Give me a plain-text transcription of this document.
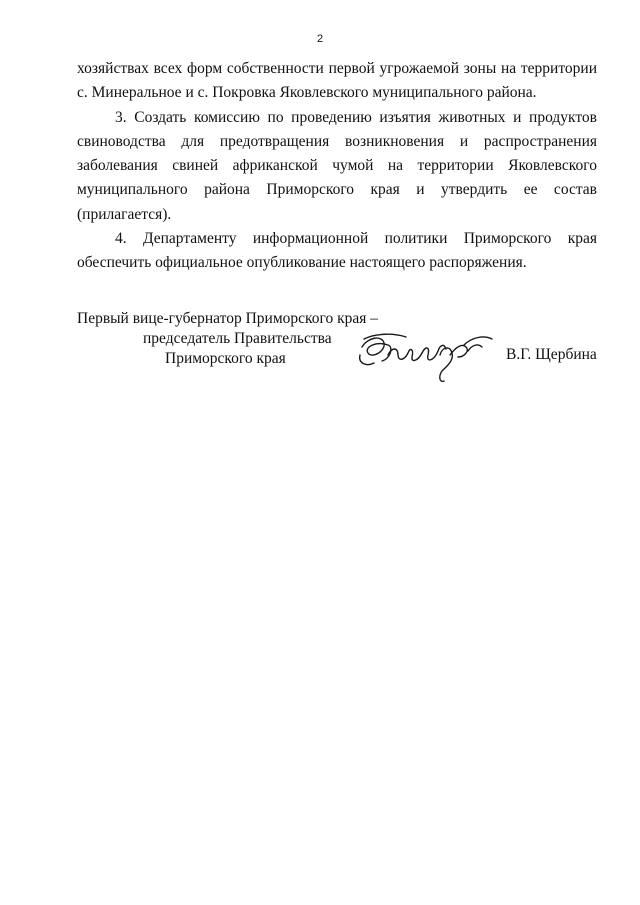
2

хозяйствах всех форм собственности первой угрожаемой зоны на территории с. Минеральное и с. Покровка Яковлевского муниципального района.

3. Создать комиссию по проведению изъятия животных и продуктов свиноводства для предотвращения возникновения и распространения заболевания свиней африканской чумой на территории Яковлевского муниципального района Приморского края и утвердить ее состав (прилагается).

4. Департаменту информационной политики Приморского края обеспечить официальное опубликование настоящего распоряжения.

Первый вице-губернатор Приморского края –
председатель Правительства
Приморского края	В.Г. Щербина
